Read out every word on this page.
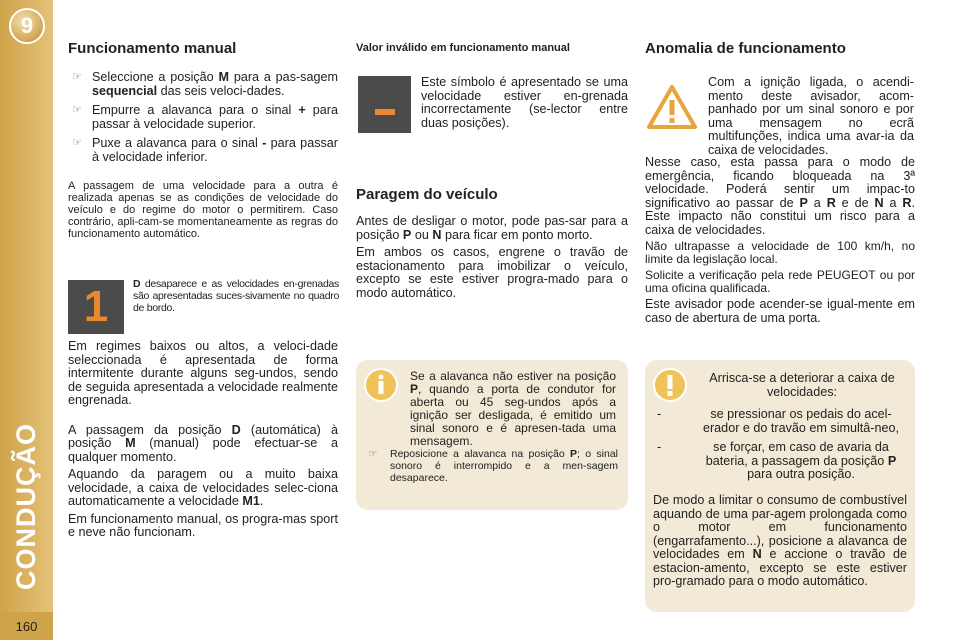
9
CONDUÇÃO
160
Funcionamento manual
☞ Seleccione a posição M para a pas-sagem sequencial das seis veloci-dades.
☞ Empurre a alavanca para o sinal + para passar à velocidade superior.
☞ Puxe a alavanca para o sinal - para passar à velocidade inferior.

A passagem de uma velocidade para a outra é realizada apenas se as condições de velocidade do veículo e do regime do motor o permitirem. Caso contrário, apli-cam-se momentaneamente as regras do funcionamento automático.

1 D desaparece e as velocidades en-grenadas são apresentadas suces-sivamente no quadro de bordo.

Em regimes baixos ou altos, a veloci-dade seleccionada é apresentada de forma intermitente durante alguns seg-undos, sendo de seguida apresentada a velocidade realmente engrenada.

A passagem da posição D (automática) à posição M (manual) pode efectuar-se a qualquer momento.

Aquando da paragem ou a muito baixa velocidade, a caixa de velocidades selec-ciona automaticamente a velocidade M1.

Em funcionamento manual, os progra-mas sport e neve não funcionam.

Valor inválido em funcionamento manual

Este símbolo é apresentado se uma velocidade estiver en-grenada incorrectamente (se-lector entre duas posições).

Paragem do veículo

Antes de desligar o motor, pode pas-sar para a posição P ou N para ficar em ponto morto.

Em ambos os casos, engrene o travão de estacionamento para imobilizar o veículo, excepto se este estiver progra-mado para o modo automático.

Se a alavanca não estiver na posição P, quando a porta de condutor for aberta ou 45 seg-undos após a ignição ser desligada, é emitido um sinal sonoro e é apresen-tada uma mensagem.

☞ Reposicione a alavanca na posição P; o sinal sonoro é interrompido e a men-sagem desaparece.

Anomalia de funcionamento

Com a ignição ligada, o acendi-mento deste avisador, acom-panhado por um sinal sonoro e por uma mensagem no ecrã multifunções, indica uma avar-ia da caixa de velocidades.

Nesse caso, esta passa para o modo de emergência, ficando bloqueada na 3ª velocidade. Poderá sentir um impac-to significativo ao passar de P a R e de N a R. Este impacto não constitui um risco para a caixa de velocidades.

Não ultrapasse a velocidade de 100 km/h, no limite da legislação local.

Solicite a verificação pela rede PEUGEOT ou por uma oficina qualificada.

Este avisador pode acender-se igual-mente em caso de abertura de uma porta.

Arrisca-se a deteriorar a caixa de velocidades:

-	se pressionar os pedais do acel-erador e do travão em simultâ-neo,
-	se forçar, em caso de avaria da bateria, a passagem da posição P para outra posição.

De modo a limitar o consumo de combustível aquando de uma par-agem prolongada como o motor em funcionamento (engarrafamento...), posicione a alavanca de velocidades em N e accione o travão de estacion-amento, excepto se este estiver pro-gramado para o modo automático.
